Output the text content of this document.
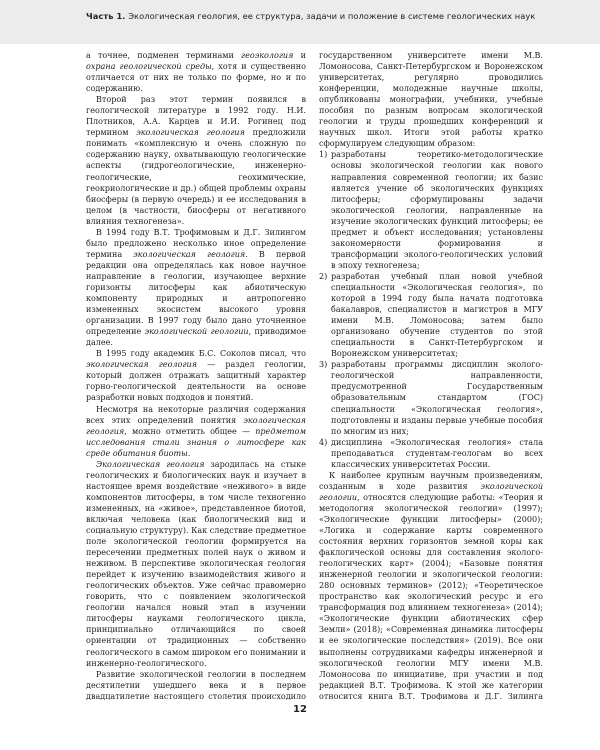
Часть 1. Экологическая геология, ее структура, задачи и положение в системе геологических наук

а точнее, подменен терминами геоэкология и охрана геологической среды, хотя и существенно отличается от них не только по форме, но и по содержанию.

Второй раз этот термин появился в геологической литературе в 1992 году. Н.И. Плотников, А.А. Карцев и И.И. Рогинец под термином экологическая геология предложили понимать «комплексную и очень сложную по содержанию науку, охватывающую геологические аспекты (гидрогеологические, инженерно-геологические, геохимические, геокриологические и др.) общей проблемы охраны биосферы (в первую очередь) и ее исследования в целом (в частности, биосферы от негативного влияния техногенеза».

В 1994 году В.Т. Трофимовым и Д.Г. Зилингом было предложено несколько иное определение термина экологическая геология. В первой редакции она определялась как новое научное направление в геологии, изучающее верхние горизонты литосферы как абиотическую компоненту природных и антропогенно измененных экосистем высокого уровня организации. В 1997 году было дано уточненное определение экологической геологии, приводимое далее.

В 1995 году академик Б.С. Соколов писал, что экологическая геология — раздел геологии, который должен отражать защитный характер горно-геологической деятельности на основе разработки новых подходов и понятий.

Несмотря на некоторые различия содержания всех этих определений понятия экологическая геология, можно отметить общее — предметом исследования стали знания о литосфере как среде обитания биоты.

Экологическая геология зародилась на стыке геологических и биологических наук и изучает в настоящее время воздействие «неживого» в виде компонентов литосферы, в том числе техногенно измененных, на «живое», представленное биотой, включая человека (как биологический вид и социальную структуру). Как следствие предметное поле экологической геологии формируется на пересечении предметных полей наук о живом и неживом. В перспективе экологическая геология перейдет к изучению взаимодействия живого и геологических объектов. Уже сейчас правомерно говорить, что с появлением экологической геологии начался новый этап в изучении литосферы науками геологического цикла, принципиально отличающийся по своей ориентации от традиционных — собственно геологического в самом широком его понимании и инженерно-геологического.

Развитие экологической геологии в последнем десятилетии ушедшего века и в первое двадцатилетие настоящего столетия происходило

государственном университете имени М.В. Ломоносова, Санкт-Петербургском и Воронежском университетах, регулярно проводились конференции, молодежные научные школы, опубликованы монографии, учебники, учебные пособия по разным вопросам экологической геологии и труды прошедших конференций и научных школ. Итоги этой работы кратко сформулируем следующим образом:

1) разработаны теоретико-методологические основы экологической геологии как нового направления современной геологии; их базис является учение об экологических функциях литосферы; сформулированы задачи экологической геологии, направленные на изучение экологических функций литосферы; ее предмет и объект исследования; установлены закономерности формирования и трансформации эколого-геологических условий в эпоху техногенеза;
2) разработан учебный план новой учебной специальности «Экологическая геология», по которой в 1994 году была начата подготовка бакалавров, специалистов и магистров в МГУ имени М.В. Ломоносова; затем было организовано обучение студентов по этой специальности в Санкт-Петербургском и Воронежском университетах;
3) разработаны программы дисциплин эколого-геологической направленности, предусмотренной Государственным образовательным стандартом (ГОС) специальности «Экологическая геология», подготовлены и изданы первые учебные пособия по многим из них;
4) дисциплина «Экологическая геология» стала преподаваться студентам-геологам во всех классических университетах России.

К наиболее крупным научным произведениям, созданным в ходе развития экологической геологии, относятся следующие работы: «Теория и методология экологической геологии» (1997); «Экологические функции литосферы» (2000); «Логика и содержание карты современного состояния верхних горизонтов земной коры как факлогической основы для составления эколого-геологических карт» (2004); «Базовые понятия инженерной геологии и экологической геологии: 280 основных терминов» (2012); «Теоретическое пространство как экологический ресурс и его трансформация под влиянием техногенеза» (2014); «Экологические функции абиотических сфер Земли» (2018); «Современная динамика литосферы и ее экологические последствия» (2019). Все они выполнены сотрудниками кафедры инженерной и экологической геологии МГУ имени М.В. Ломоносова по инициативе, при участии и под редакцией В.Т. Трофимова. К этой же категории относится книга В.Т. Трофимова и Д.Г. Зилинга

12
